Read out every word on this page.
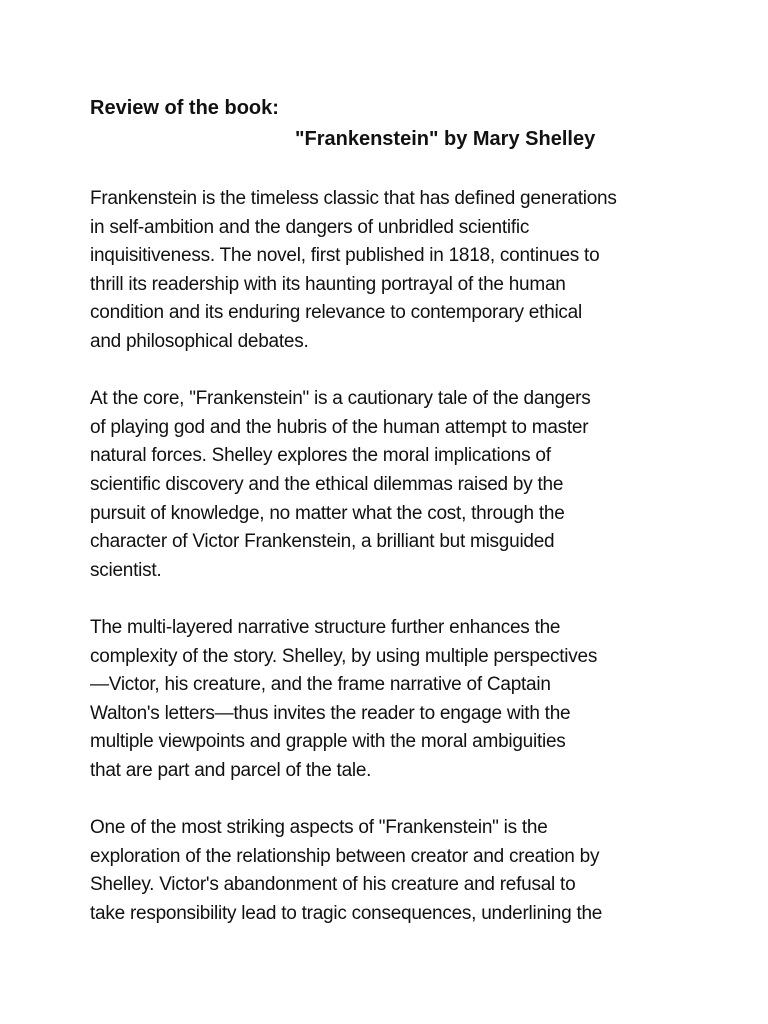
Review of the book:

"Frankenstein" by Mary Shelley

Frankenstein is the timeless classic that has defined generations
in self-ambition and the dangers of unbridled scientific
inquisitiveness. The novel, first published in 1818, continues to
thrill its readership with its haunting portrayal of the human
condition and its enduring relevance to contemporary ethical
and philosophical debates.

At the core, "Frankenstein" is a cautionary tale of the dangers
of playing god and the hubris of the human attempt to master
natural forces. Shelley explores the moral implications of
scientific discovery and the ethical dilemmas raised by the
pursuit of knowledge, no matter what the cost, through the
character of Victor Frankenstein, a brilliant but misguided
scientist.

The multi-layered narrative structure further enhances the
complexity of the story. Shelley, by using multiple perspectives
—Victor, his creature, and the frame narrative of Captain
Walton's letters—thus invites the reader to engage with the
multiple viewpoints and grapple with the moral ambiguities
that are part and parcel of the tale.

One of the most striking aspects of "Frankenstein" is the
exploration of the relationship between creator and creation by
Shelley. Victor's abandonment of his creature and refusal to
take responsibility lead to tragic consequences, underlining the
